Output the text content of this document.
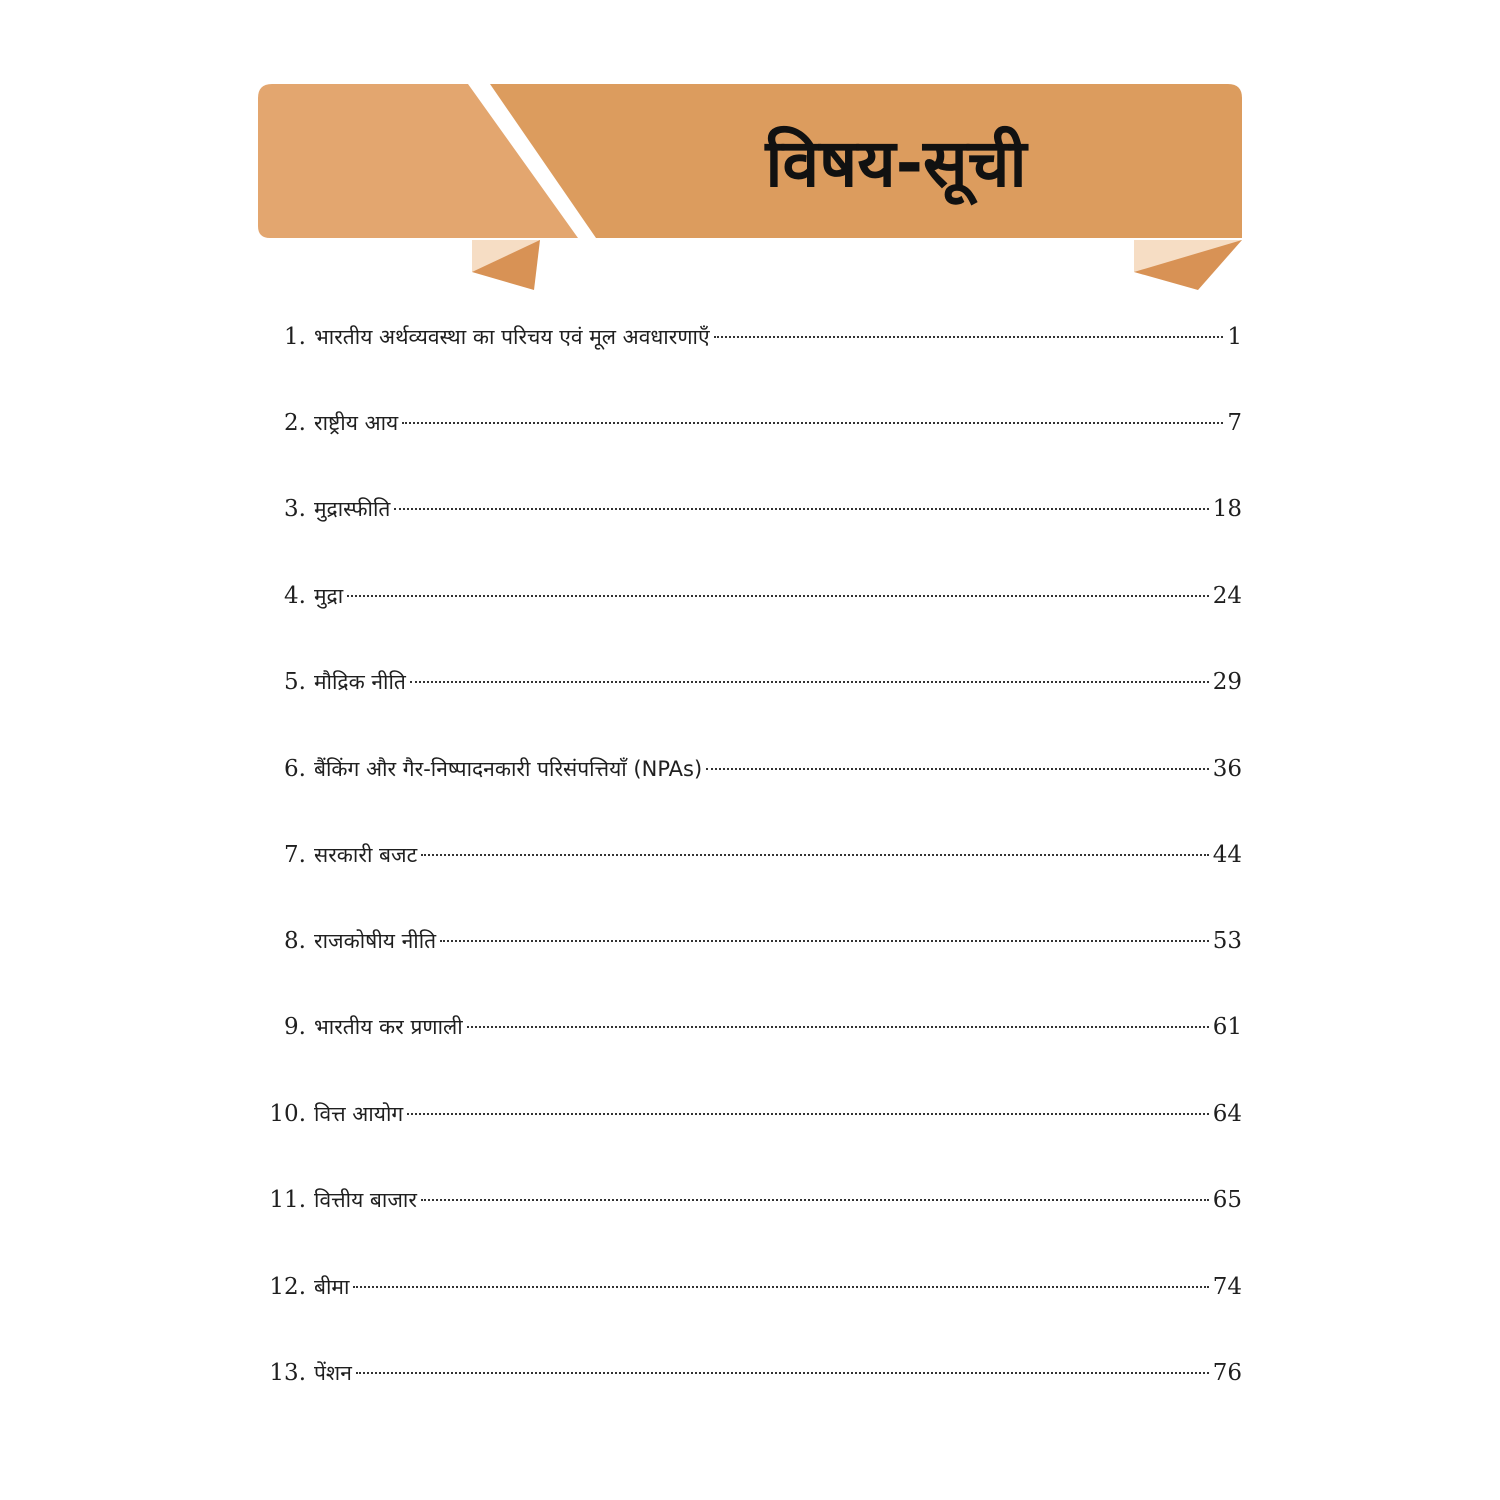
विषय-सूची
1. भारतीय अर्थव्यवस्था का परिचय एवं मूल अवधारणाएँ	1
2. राष्ट्रीय आय	7
3. मुद्रास्फीति	18
4. मुद्रा	24
5. मौद्रिक नीति	29
6. बैंकिंग और गैर-निष्पादनकारी परिसंपत्तियाँ (NPAs)	36
7. सरकारी बजट	44
8. राजकोषीय नीति	53
9. भारतीय कर प्रणाली	61
10. वित्त आयोग	64
11. वित्तीय बाजार	65
12. बीमा	74
13. पेंशन	76
